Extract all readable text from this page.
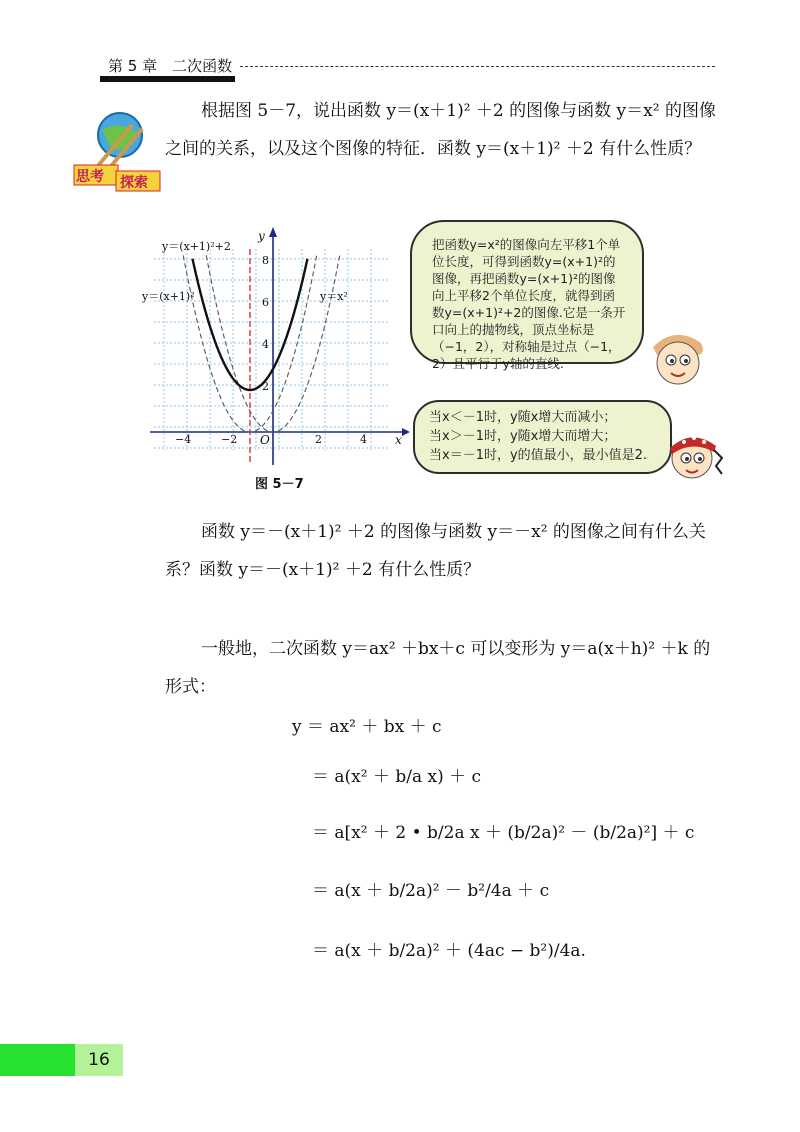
第 5 章　二次函数
思考 探索
根据图 5－7，说出函数 y＝(x＋1)² ＋2 的图像与函数 y＝x² 的图像之间的关系，以及这个图像的特征．函数 y＝(x＋1)² ＋2 有什么性质？
y＝(x+1)²+2
y＝(x+1)²	y＝x²
y
x
O
−4	−2	2	4
2
4
6
8
图 5－7
把函数y=x²的图像向左平移1个单位长度，可得到函数y=(x+1)²的图像，再把函数y=(x+1)²的图像向上平移2个单位长度，就得到函数y=(x+1)²+2的图像.它是一条开口向上的抛物线，顶点坐标是（−1，2），对称轴是过点（−1，2）且平行于y轴的直线.
当x＜－1时，y随x增大而减小；
当x＞－1时，y随x增大而增大；
当x＝－1时，y的值最小，最小值是2.
函数 y＝－(x＋1)² ＋2 的图像与函数 y＝－x² 的图像之间有什么关系？函数 y＝－(x＋1)² ＋2 有什么性质？
一般地，二次函数 y＝ax² ＋bx＋c 可以变形为 y＝a(x＋h)² ＋k 的形式：
y ＝ ax² ＋ bx ＋ c
＝ a(x² ＋ b/a x) ＋ c
＝ a[x² ＋ 2 • b/2a x ＋ (b/2a)² － (b/2a)²] ＋ c
＝ a(x ＋ b/2a)² － b²/4a ＋ c
＝ a(x ＋ b/2a)² ＋ (4ac − b²)/4a.
16
